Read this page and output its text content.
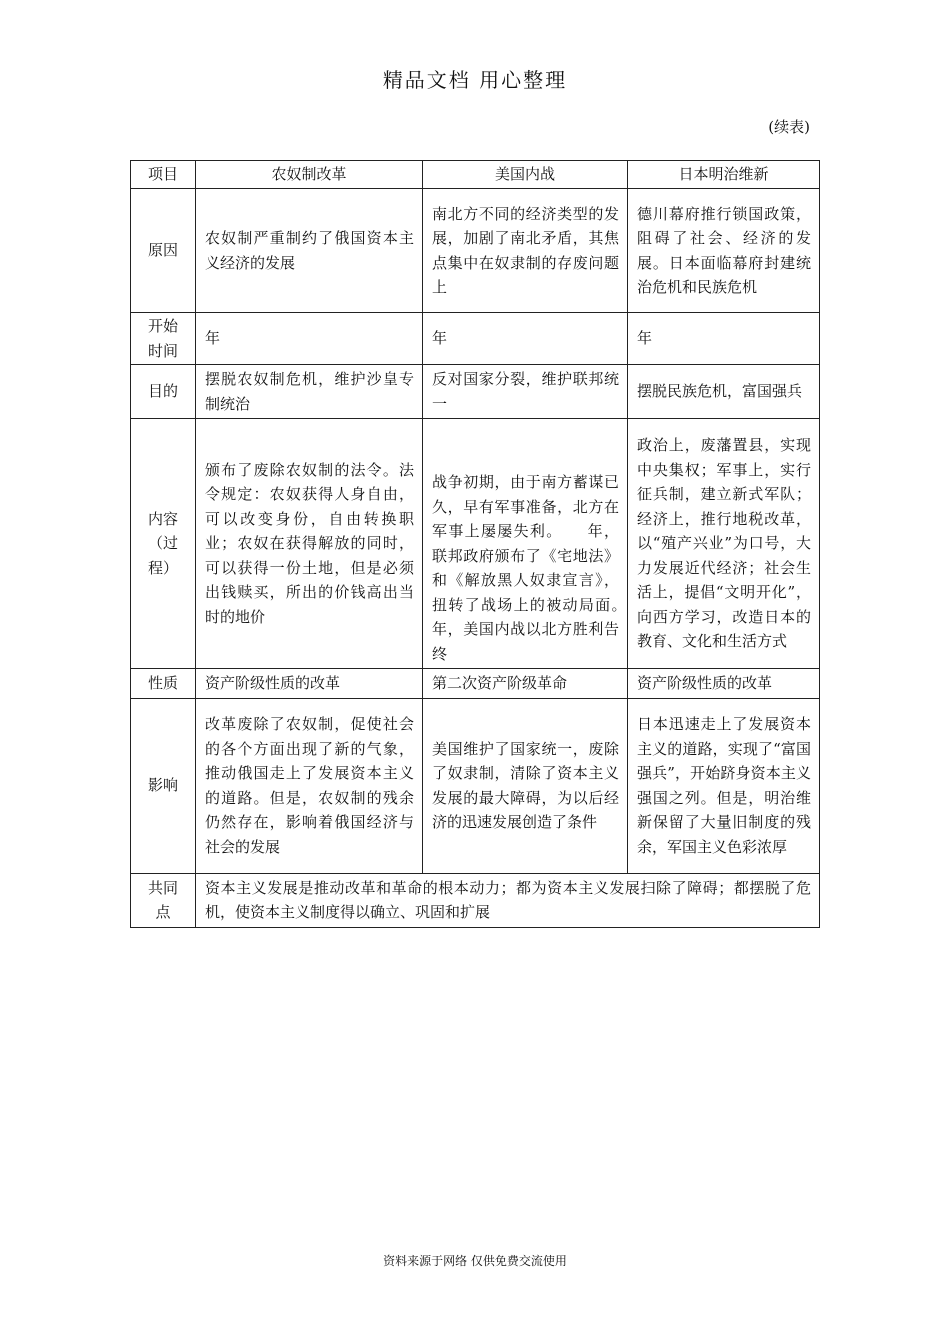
精品文档 用心整理
(续表)
项目	农奴制改革	美国内战	日本明治维新
原因	农奴制严重制约了俄国资本主义经济的发展	南北方不同的经济类型的发展，加剧了南北矛盾，其焦点集中在奴隶制的存废问题上	德川幕府推行锁国政策，阻碍了社会、经济的发展。日本面临幕府封建统治危机和民族危机
开始时间	年	年	年
目的	摆脱农奴制危机，维护沙皇专制统治	反对国家分裂，维护联邦统一	摆脱民族危机，富国强兵
内容（过程）	颁布了废除农奴制的法令。法令规定：农奴获得人身自由，可以改变身份，自由转换职业；农奴在获得解放的同时，可以获得一份土地，但是必须出钱赎买，所出的价钱高出当时的地价	战争初期，由于南方蓄谋已久，早有军事准备，北方在军事上屡屡失利。　　年，联邦政府颁布了《宅地法》和《解放黑人奴隶宣言》，扭转了战场上的被动局面。　　年，美国内战以北方胜利告终	政治上，废藩置县，实现中央集权；军事上，实行征兵制，建立新式军队；经济上，推行地税改革，以“殖产兴业”为口号，大力发展近代经济；社会生活上，提倡“文明开化”，向西方学习，改造日本的教育、文化和生活方式
性质	资产阶级性质的改革	第二次资产阶级革命	资产阶级性质的改革
影响	改革废除了农奴制，促使社会的各个方面出现了新的气象，推动俄国走上了发展资本主义的道路。但是，农奴制的残余仍然存在，影响着俄国经济与社会的发展	美国维护了国家统一，废除了奴隶制，清除了资本主义发展的最大障碍，为以后经济的迅速发展创造了条件	日本迅速走上了发展资本主义的道路，实现了“富国强兵”，开始跻身资本主义强国之列。但是，明治维新保留了大量旧制度的残余，军国主义色彩浓厚
共同点	资本主义发展是推动改革和革命的根本动力；都为资本主义发展扫除了障碍；都摆脱了危机，使资本主义制度得以确立、巩固和扩展		
资料来源于网络 仅供免费交流使用
